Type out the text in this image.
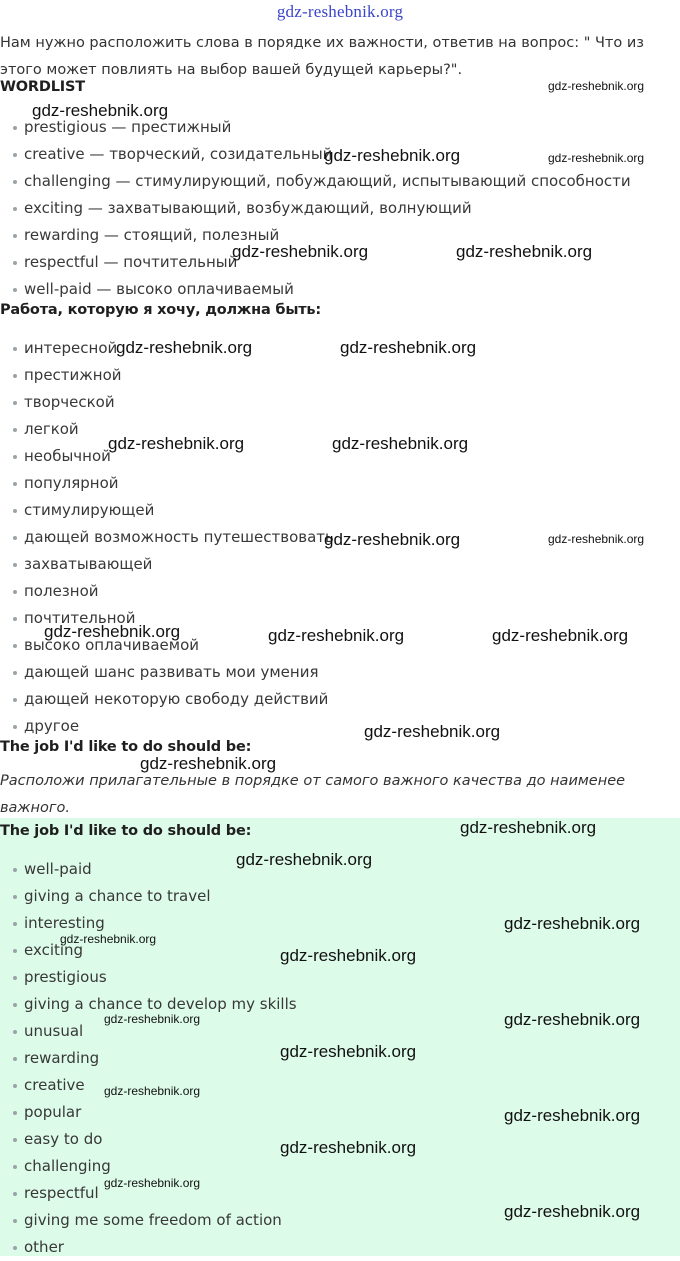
gdz-reshebnik.org
Нам нужно расположить слова в порядке их важности, ответив на вопрос: " Что из этого может повлиять на выбор вашей будущей карьеры?".
WORDLIST
prestigious — престижный
creative — творческий, созидательный
challenging — стимулирующий, побуждающий, испытывающий способности
exciting — захватывающий, возбуждающий, волнующий
rewarding — стоящий, полезный
respectful — почтительный
well-paid — высоко оплачиваемый
Работа, которую я хочу, должна быть:
интересной
престижной
творческой
легкой
необычной
популярной
стимулирующей
дающей возможность путешествовать
захватывающей
полезной
почтительной
высоко оплачиваемой
дающей шанс развивать мои умения
дающей некоторую свободу действий
другое
The job I'd like to do should be:
Расположи прилагательные в порядке от самого важного качества до наименее важного.
The job I'd like to do should be:
well-paid
giving a chance to travel
interesting
exciting
prestigious
giving a chance to develop my skills
unusual
rewarding
creative
popular
easy to do
challenging
respectful
giving me some freedom of action
other
gdz-reshebnik.org
gdz-reshebnik.org
gdz-reshebnik.org	gdz-reshebnik.org
gdz-reshebnik.org	gdz-reshebnik.org
gdz-reshebnik.org	gdz-reshebnik.org
gdz-reshebnik.org	gdz-reshebnik.org
gdz-reshebnik.org	gdz-reshebnik.org
gdz-reshebnik.org	gdz-reshebnik.org	gdz-reshebnik.org
gdz-reshebnik.org
gdz-reshebnik.org
gdz-reshebnik.org
gdz-reshebnik.org
gdz-reshebnik.org
gdz-reshebnik.org
gdz-reshebnik.org
gdz-reshebnik.org	gdz-reshebnik.org
gdz-reshebnik.org
gdz-reshebnik.org
gdz-reshebnik.org
gdz-reshebnik.org
gdz-reshebnik.org
gdz-reshebnik.org
